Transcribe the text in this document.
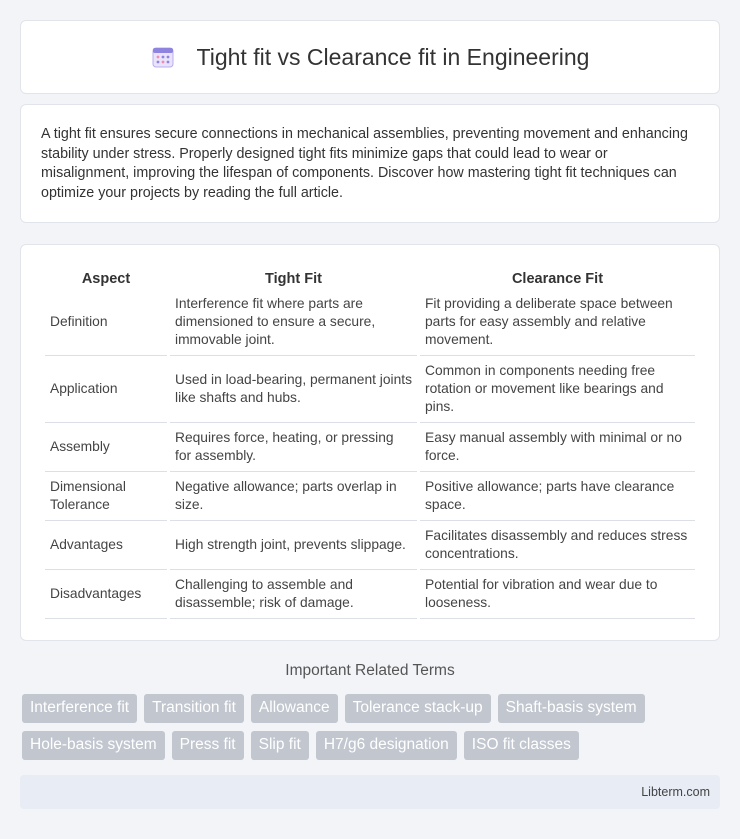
Tight fit vs Clearance fit in Engineering

A tight fit ensures secure connections in mechanical assemblies, preventing movement and enhancing stability under stress. Properly designed tight fits minimize gaps that could lead to wear or misalignment, improving the lifespan of components. Discover how mastering tight fit techniques can optimize your projects by reading the full article.

Aspect	Tight Fit	Clearance Fit
Definition	Interference fit where parts are dimensioned to ensure a secure, immovable joint.	Fit providing a deliberate space between parts for easy assembly and relative movement.
Application	Used in load-bearing, permanent joints like shafts and hubs.	Common in components needing free rotation or movement like bearings and pins.
Assembly	Requires force, heating, or pressing for assembly.	Easy manual assembly with minimal or no force.
Dimensional Tolerance	Negative allowance; parts overlap in size.	Positive allowance; parts have clearance space.
Advantages	High strength joint, prevents slippage.	Facilitates disassembly and reduces stress concentrations.
Disadvantages	Challenging to assemble and disassemble; risk of damage.	Potential for vibration and wear due to looseness.
Important Related Terms
Interference fit	Transition fit	Allowance	Tolerance stack-up	Shaft-basis system
Hole-basis system	Press fit	Slip fit	H7/g6 designation	ISO fit classes
Libterm.com
